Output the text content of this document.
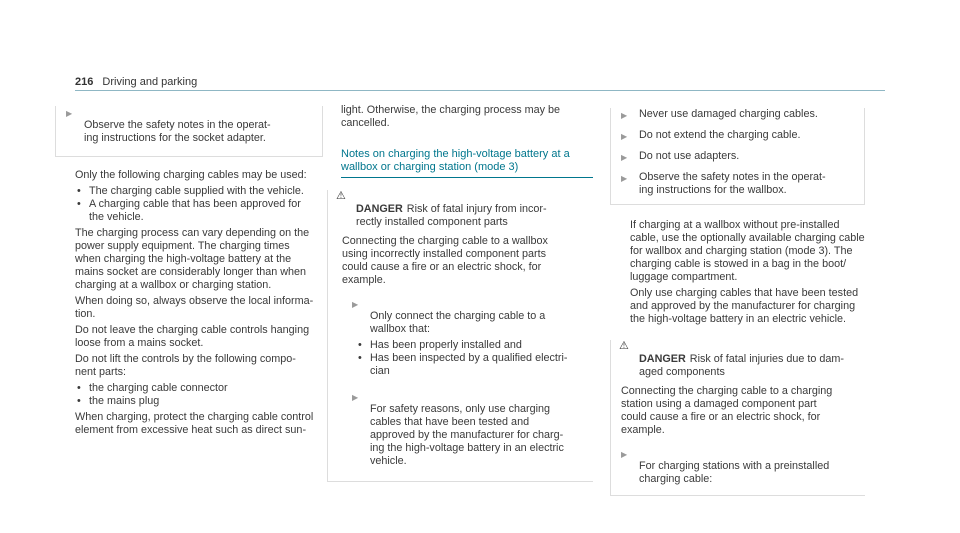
216 Driving and parking

▶
Observe the safety notes in the operat-
ing instructions for the socket adapter.

Only the following charging cables may be used:

• The charging cable supplied with the vehicle.
• A charging cable that has been approved for
the vehicle.

The charging process can vary depending on the
power supply equipment. The charging times
when charging the high-voltage battery at the
mains socket are considerably longer than when
charging at a wallbox or charging station.

When doing so, always observe the local informa-
tion.

Do not leave the charging cable controls hanging
loose from a mains socket.

Do not lift the controls by the following compo-
nent parts:

• the charging cable connector
• the mains plug

When charging, protect the charging cable control
element from excessive heat such as direct sun-

light. Otherwise, the charging process may be
cancelled.

Notes on charging the high-voltage battery at a
wallbox or charging station (mode 3)

⚠
DANGER Risk of fatal injury from incor-
rectly installed component parts

Connecting the charging cable to a wallbox
using incorrectly installed component parts
could cause a fire or an electric shock, for
example.

▶
Only connect the charging cable to a
wallbox that:

• Has been properly installed and
• Has been inspected by a qualified electri-
cian

▶
For safety reasons, only use charging
cables that have been tested and
approved by the manufacturer for charg-
ing the high-voltage battery in an electric
vehicle.

▶ Never use damaged charging cables.

▶ Do not extend the charging cable.

▶ Do not use adapters.

▶ Observe the safety notes in the operat-
ing instructions for the wallbox.

If charging at a wallbox without pre-installed
cable, use the optionally available charging cable
for wallbox and charging station (mode 3). The
charging cable is stowed in a bag in the boot/
luggage compartment.

Only use charging cables that have been tested
and approved by the manufacturer for charging
the high-voltage battery in an electric vehicle.

⚠
DANGER Risk of fatal injuries due to dam-
aged components

Connecting the charging cable to a charging
station using a damaged component part
could cause a fire or an electric shock, for
example.

▶
For charging stations with a preinstalled
charging cable:
